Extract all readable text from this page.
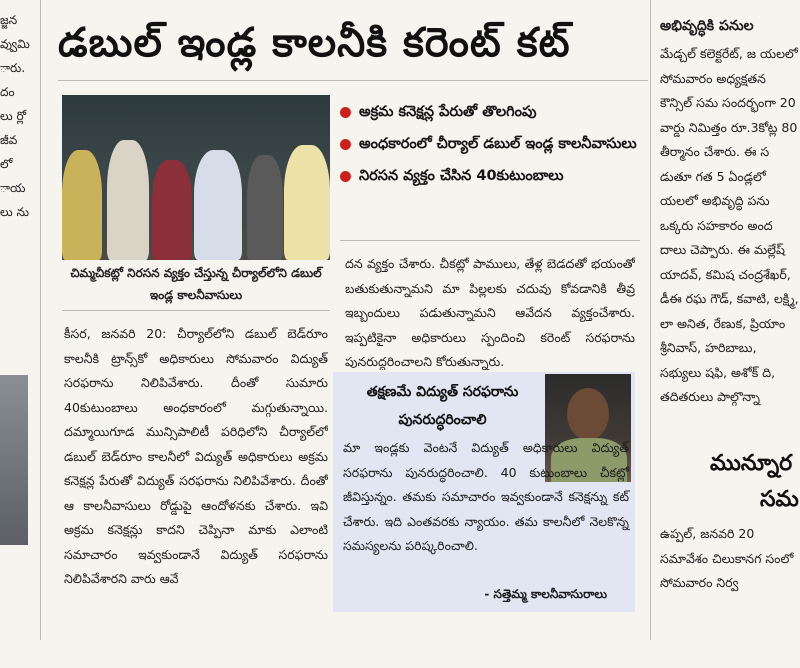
జ్జన వ్వుమి ారు. దం లు ర్లో జీవ లో ాయ లు ను
డబుల్ ఇండ్ల కాలనీకి కరెంట్ కట్
చిమ్మచీకట్లో నిరసన వ్యక్తం చేస్తున్న చీర్యాల్‌లోని డబుల్ ఇండ్ల కాలనీవాసులు
అక్రమ కనెక్షన్ల పేరుతో తొలగింపు
అంధకారంలో చీర్యాల్ డబుల్ ఇండ్ల కాలనీవాసులు
నిరసన వ్యక్తం చేసిన 40కుటుంబాలు
దన వ్యక్తం చేశారు. చీకట్లో పాములు, తేళ్ల బెడదతో భయంతో బతుకుతున్నామని మా పిల్లలకు చదువు కోవడానికి తీవ్ర ఇబ్బందులు పడుతున్నామని ఆవేదన వ్యక్తంచేశారు. ఇప్పటికైనా అధికారులు స్పందించి కరెంట్ సరఫరాను పునరుద్ధరించాలని కోరుతున్నారు.
కీసర, జనవరి 20: చీర్యాల్‌లోని డబుల్ బెడ్‌రూం కాలనీకి ట్రాన్స్‌కో అధికారులు సోమవారం విద్యుత్ సరఫరాను నిలిపివేశారు. దీంతో సుమారు 40కుటుంబాలు అంధకారంలో మగ్గుతున్నాయి. దమ్మాయిగూడ మున్సిపాలిటీ పరిధిలోని చీర్యాల్‌లో డబుల్ బెడ్‌రూం కాలనీలో విద్యుత్ అధికారులు అక్రమ కనెక్షన్ల పేరుతో విద్యుత్ సరఫరాను నిలిపివేశారు. దీంతో ఆ కాలనీవాసులు రోడ్డుపై ఆందోళనకు చేశారు. ఇవి అక్రమ కనెక్షన్లు కాదని చెప్పినా మాకు ఎలాంటి సమాచారం ఇవ్వకుండానే విద్యుత్ సరఫరాను నిలిపివేశారని వారు ఆవే
తక్షణమే విద్యుత్ సరఫరాను పునరుద్ధరించాలి
మా ఇండ్లకు వెంటనే విద్యుత్ అధికారులు విద్యుత్ సరఫరాను పునరుద్ధరించాలి. 40 కుటుంబాలు చీకట్లో జీవిస్తున్నం. తమకు సమాచారం ఇవ్వకుండానే కనెక్షన్ను కట్ చేశారు. ఇది ఎంతవరకు న్యాయం. తమ కాలనీలో నెలకొన్న సమస్యలను పరిష్కరించాలి.
- సత్తెమ్మ కాలనీవాసురాలు
అభివృద్ధికి పనుల
మేడ్చల్ కలెక్టరేట్, జ యలలో సోమవారం అధ్యక్షతన కౌన్సిల్ సమ సందర్భంగా 20 వార్డు నిమిత్తం రూ.3కోట్ల 80 తీర్మానం చేశారు. ఈ స డుతూ గత 5 ఏండ్లలో యలలో అభివృద్ధి పను ఒక్కరు సహకారం అంద దాలు చెప్పారు. ఈ మల్లేష్ యాదవ్, కమిష చంద్రశేఖర్, డీఈ రఘ గౌడ్, కవాటి, లక్ష్మి, లా అనిత, రేణుక, ప్రియాం శ్రీనివాస్, హరిబాబు, సభ్యులు షఫి, అశోక్ ది, తదితరులు పాల్గొన్నా
మున్నూర
సమ
ఉప్పల్, జనవరి 20 సమావేశం చిలుకానగ సంలో సోమవారం నిర్వ
